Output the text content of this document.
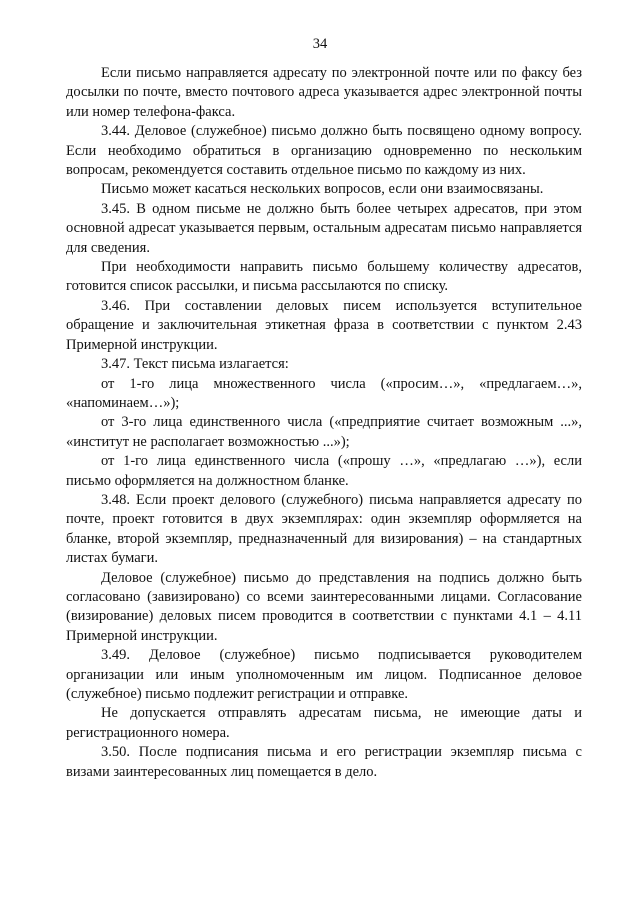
34

Если письмо направляется адресату по электронной почте или по факсу без досылки по почте, вместо почтового адреса указывается адрес электронной почты или номер телефона-факса.

3.44. Деловое (служебное) письмо должно быть посвящено одному вопросу. Если необходимо обратиться в организацию одновременно по нескольким вопросам, рекомендуется составить отдельное письмо по каждому из них.

Письмо может касаться нескольких вопросов, если они взаимосвязаны.

3.45. В одном письме не должно быть более четырех адресатов, при этом основной адресат указывается первым, остальным адресатам письмо направляется для сведения.

При необходимости направить письмо большему количеству адресатов, готовится список рассылки, и письма рассылаются по списку.

3.46. При составлении деловых писем используется вступительное обращение и заключительная этикетная фраза в соответствии с пунктом 2.43 Примерной инструкции.

3.47. Текст письма излагается:

от 1-го лица множественного числа («просим…», «предлагаем…», «напоминаем…»);

от 3-го лица единственного числа («предприятие считает возможным ...», «институт не располагает возможностью ...»);

от 1-го лица единственного числа («прошу …», «предлагаю …»), если письмо оформляется на должностном бланке.

3.48. Если проект делового (служебного) письма направляется адресату по почте, проект готовится в двух экземплярах: один экземпляр оформляется на бланке, второй экземпляр, предназначенный для визирования) – на стандартных листах бумаги.

Деловое (служебное) письмо до представления на подпись должно быть согласовано (завизировано) со всеми заинтересованными лицами. Согласование (визирование) деловых писем проводится в соответствии с пунктами 4.1 – 4.11 Примерной инструкции.

3.49. Деловое (служебное) письмо подписывается руководителем организации или иным уполномоченным им лицом. Подписанное деловое (служебное) письмо подлежит регистрации и отправке.

Не допускается отправлять адресатам письма, не имеющие даты и регистрационного номера.

3.50. После подписания письма и его регистрации экземпляр письма с визами заинтересованных лиц помещается в дело.
